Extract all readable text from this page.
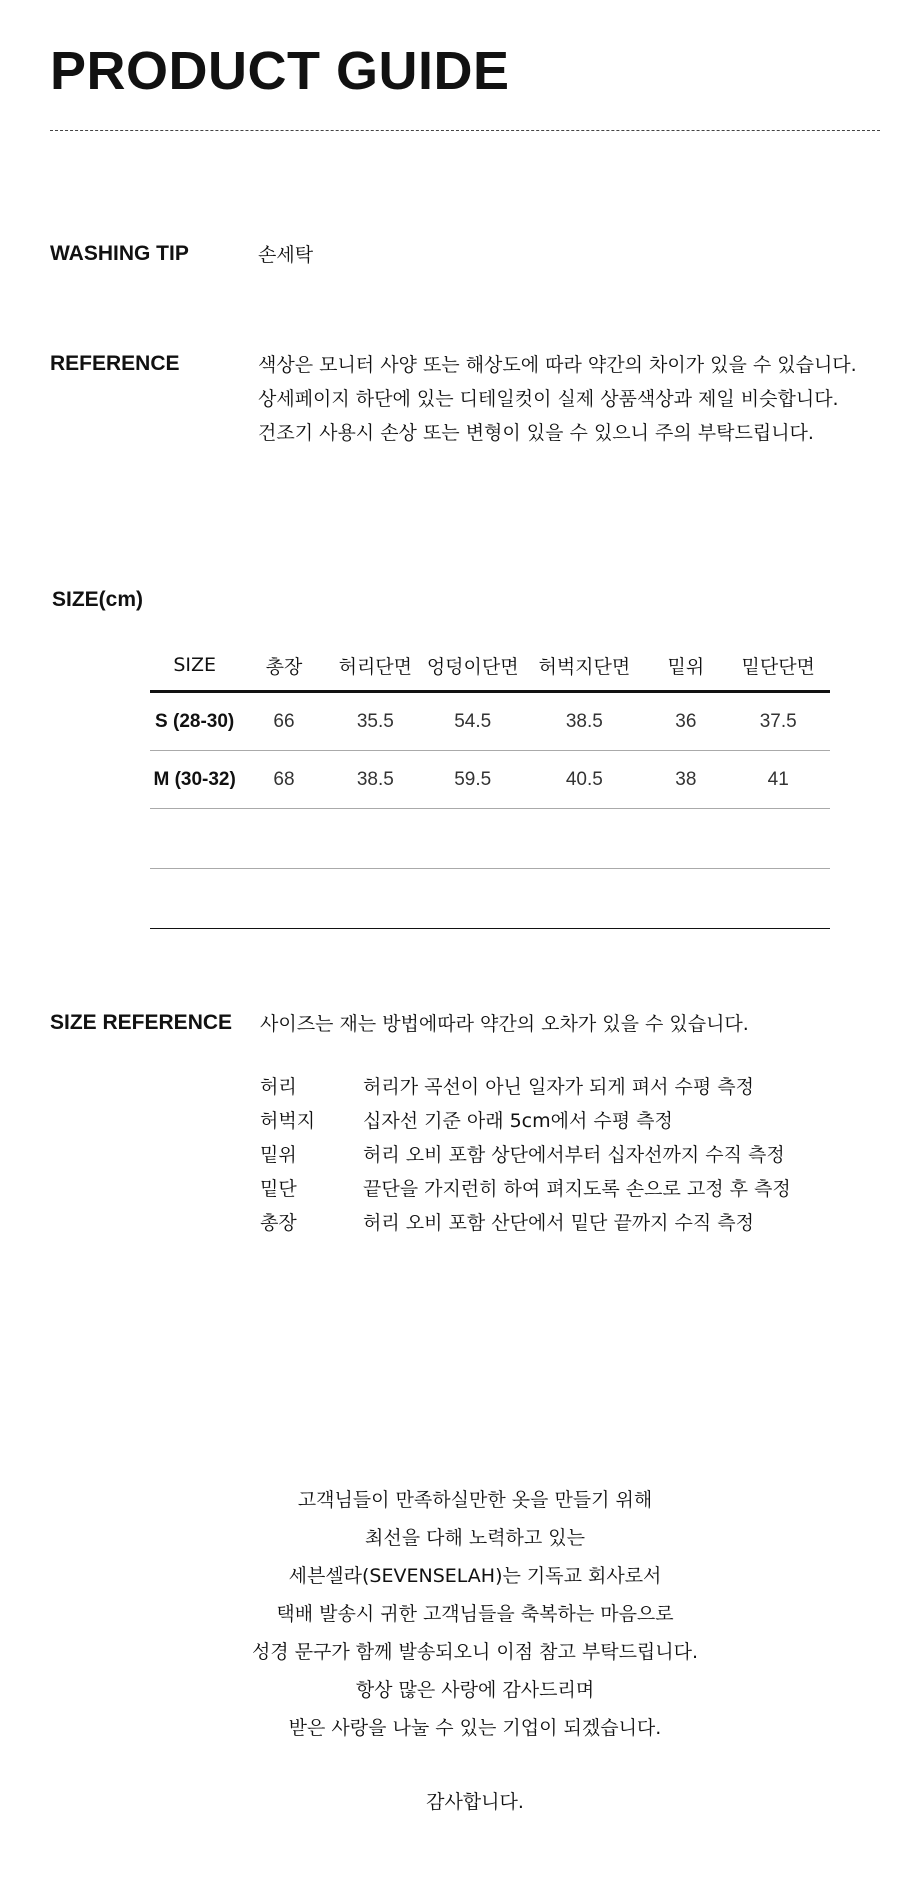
PRODUCT GUIDE
WASHING TIP	손세탁
REFERENCE	색상은 모니터 사양 또는 해상도에 따라 약간의 차이가 있을 수 있습니다.
상세페이지 하단에 있는 디테일컷이 실제 상품색상과 제일 비슷합니다.
건조기 사용시 손상 또는 변형이 있을 수 있으니 주의 부탁드립니다.
SIZE(cm)
SIZE	총장	허리단면	엉덩이단면	허벅지단면	밑위	밑단단면
S (28-30)	66	35.5	54.5	38.5	36	37.5
M (30-32)	68	38.5	59.5	40.5	38	41

SIZE REFERENCE 사이즈는 재는 방법에따라 약간의 오차가 있을 수 있습니다.
허리	허리가 곡선이 아닌 일자가 되게 펴서 수평 측정
허벅지	십자선 기준 아래 5cm에서 수평 측정
밑위	허리 오비 포함 상단에서부터 십자선까지 수직 측정
밑단	끝단을 가지런히 하여 펴지도록 손으로 고정 후 측정
총장	허리 오비 포함 산단에서 밑단 끝까지 수직 측정
고객님들이 만족하실만한 옷을 만들기 위해
최선을 다해 노력하고 있는
세븐셀라(SEVENSELAH)는 기독교 회사로서
택배 발송시 귀한 고객님들을 축복하는 마음으로
성경 문구가 함께 발송되오니 이점 참고 부탁드립니다.
항상 많은 사랑에 감사드리며
받은 사랑을 나눌 수 있는 기업이 되겠습니다.
감사합니다.
